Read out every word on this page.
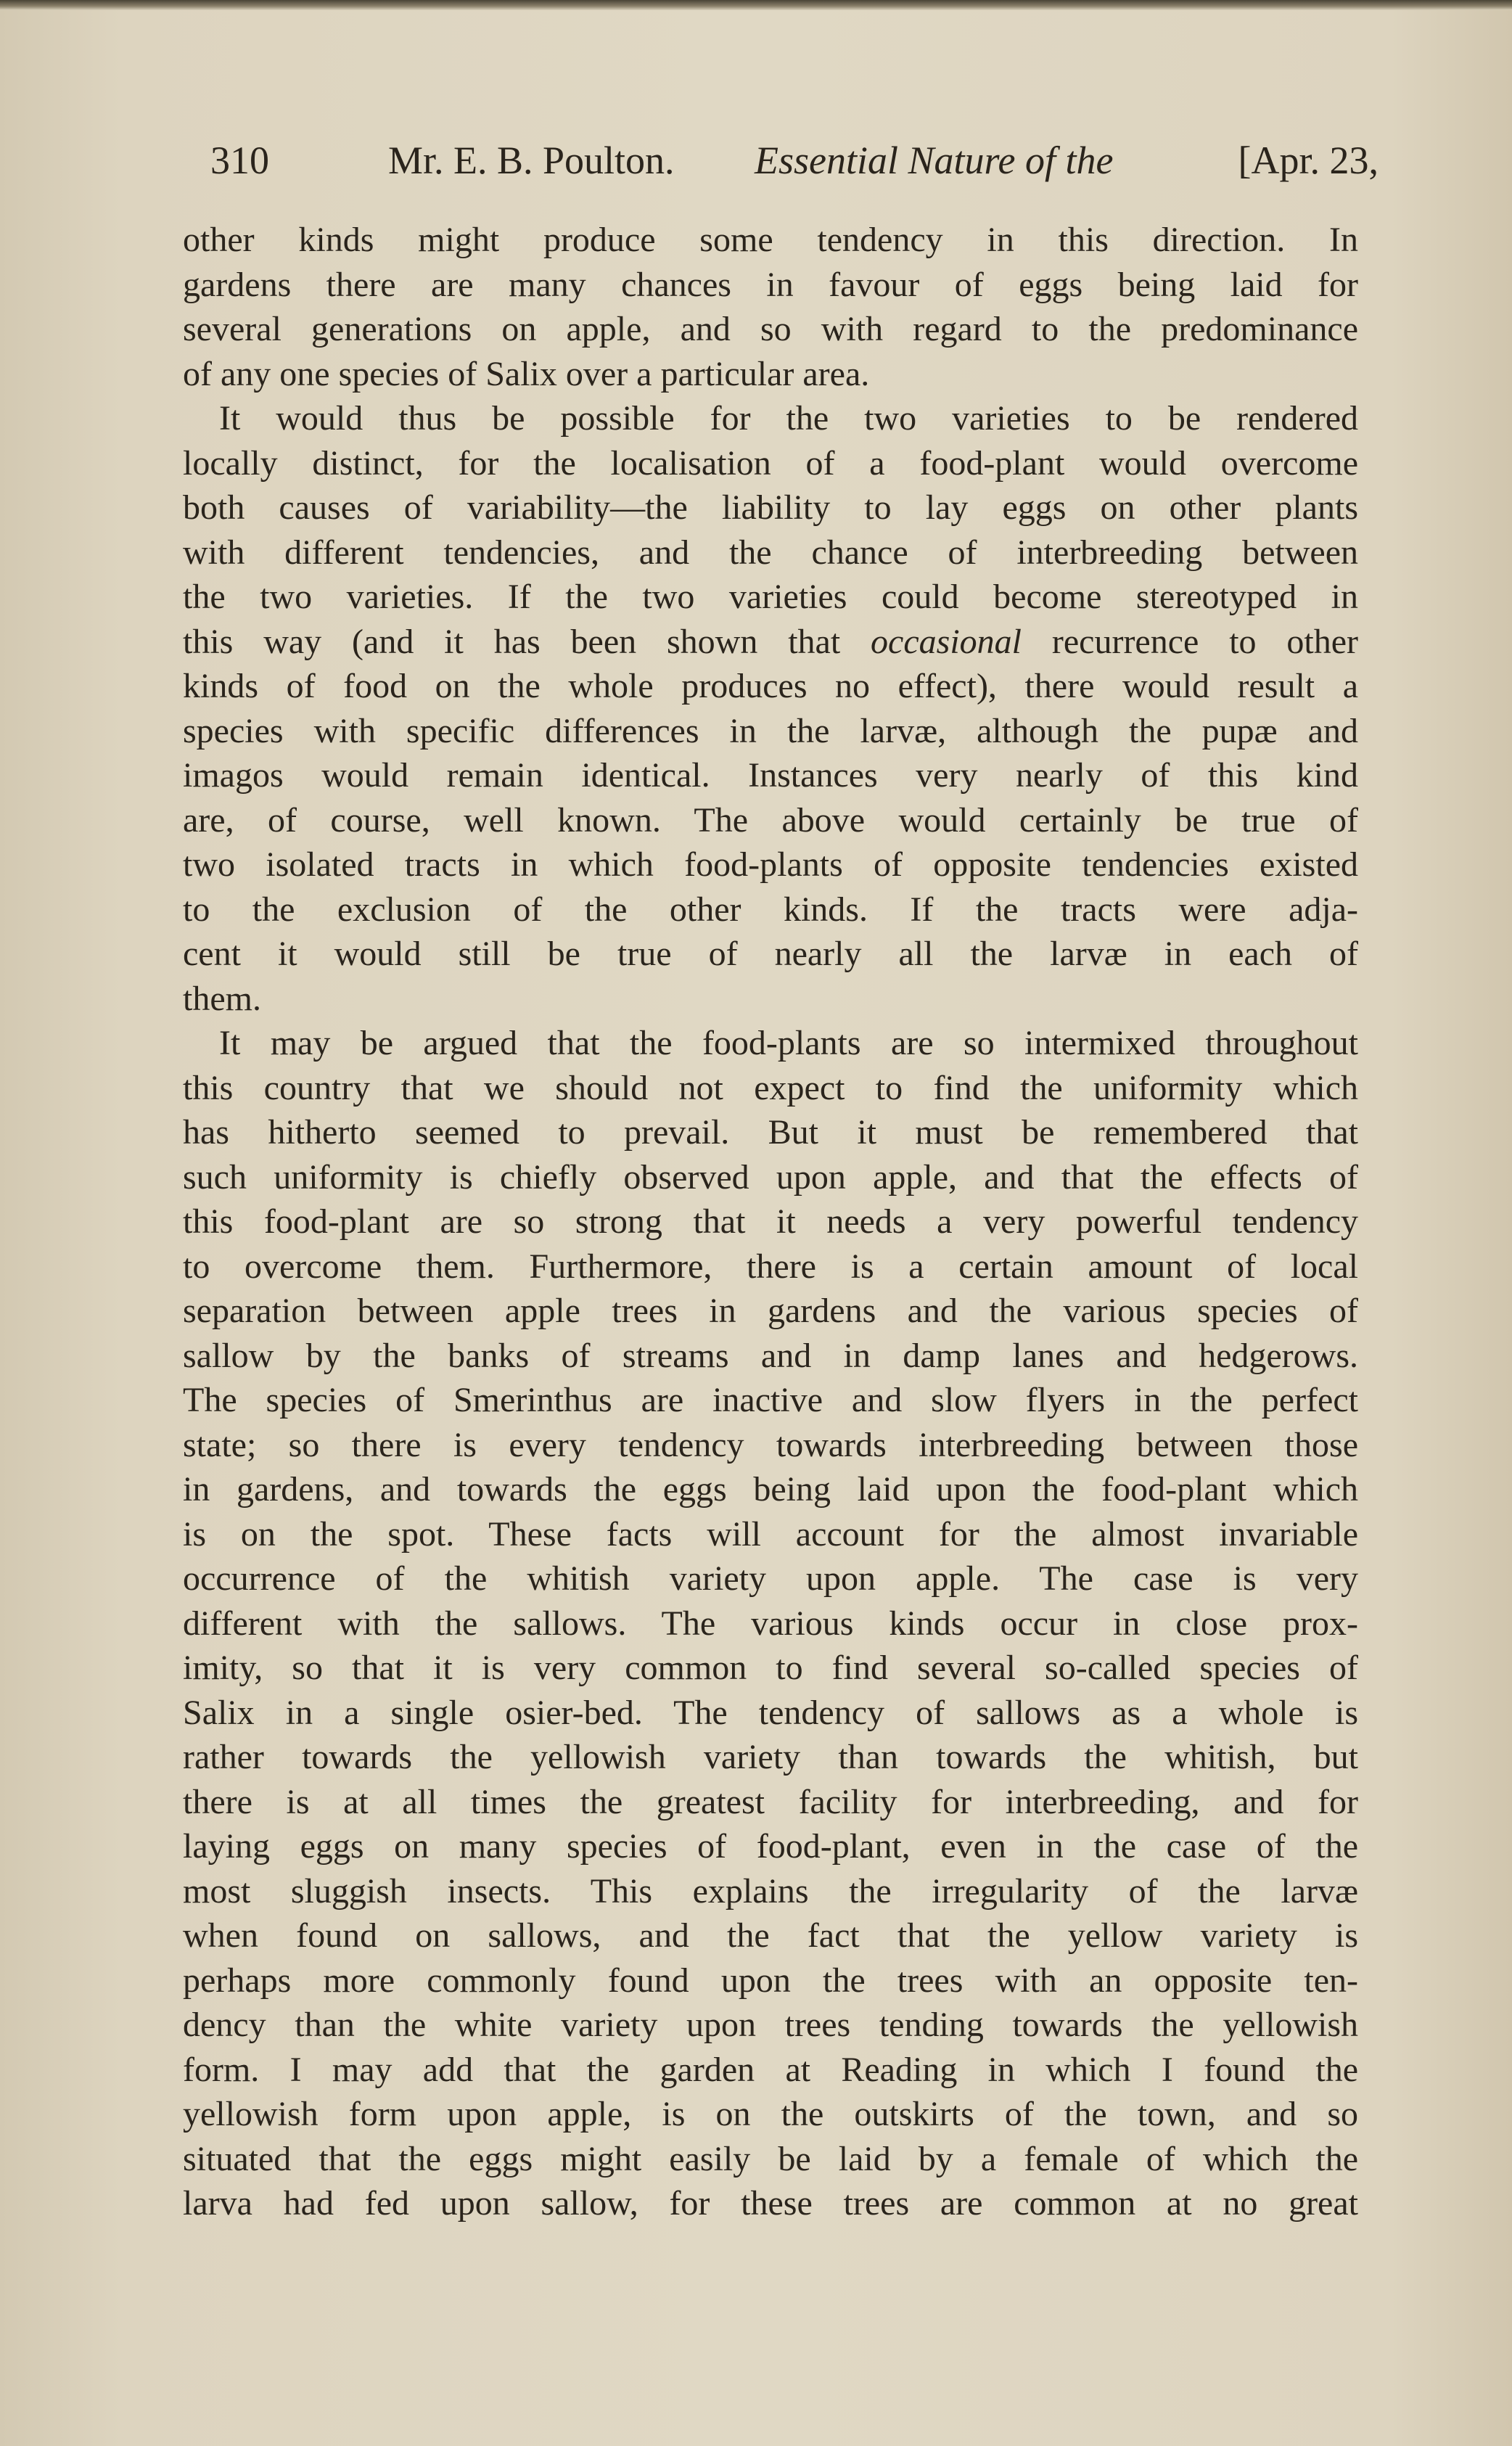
310	Mr. E. B. Poulton. Essential Nature of the	[Apr. 23,
other kinds might produce some tendency in this direction. In
gardens there are many chances in favour of eggs being laid for
several generations on apple, and so with regard to the predominance
of any one species of Salix over a particular area.
It would thus be possible for the two varieties to be rendered
locally distinct, for the localisation of a food-plant would overcome
both causes of variability—the liability to lay eggs on other plants
with different tendencies, and the chance of interbreeding between
the two varieties. If the two varieties could become stereotyped in
this way (and it has been shown that occasional recurrence to other
kinds of food on the whole produces no effect), there would result a
species with specific differences in the larvæ, although the pupæ and
imagos would remain identical. Instances very nearly of this kind
are, of course, well known. The above would certainly be true of
two isolated tracts in which food-plants of opposite tendencies existed
to the exclusion of the other kinds. If the tracts were adja-
cent it would still be true of nearly all the larvæ in each of
them.
It may be argued that the food-plants are so intermixed throughout
this country that we should not expect to find the uniformity which
has hitherto seemed to prevail. But it must be remembered that
such uniformity is chiefly observed upon apple, and that the effects of
this food-plant are so strong that it needs a very powerful tendency
to overcome them. Furthermore, there is a certain amount of local
separation between apple trees in gardens and the various species of
sallow by the banks of streams and in damp lanes and hedgerows.
The species of Smerinthus are inactive and slow flyers in the perfect
state; so there is every tendency towards interbreeding between those
in gardens, and towards the eggs being laid upon the food-plant which
is on the spot. These facts will account for the almost invariable
occurrence of the whitish variety upon apple. The case is very
different with the sallows. The various kinds occur in close prox-
imity, so that it is very common to find several so-called species of
Salix in a single osier-bed. The tendency of sallows as a whole is
rather towards the yellowish variety than towards the whitish, but
there is at all times the greatest facility for interbreeding, and for
laying eggs on many species of food-plant, even in the case of the
most sluggish insects. This explains the irregularity of the larvæ
when found on sallows, and the fact that the yellow variety is
perhaps more commonly found upon the trees with an opposite ten-
dency than the white variety upon trees tending towards the yellowish
form. I may add that the garden at Reading in which I found the
yellowish form upon apple, is on the outskirts of the town, and so
situated that the eggs might easily be laid by a female of which the
larva had fed upon sallow, for these trees are common at no great
